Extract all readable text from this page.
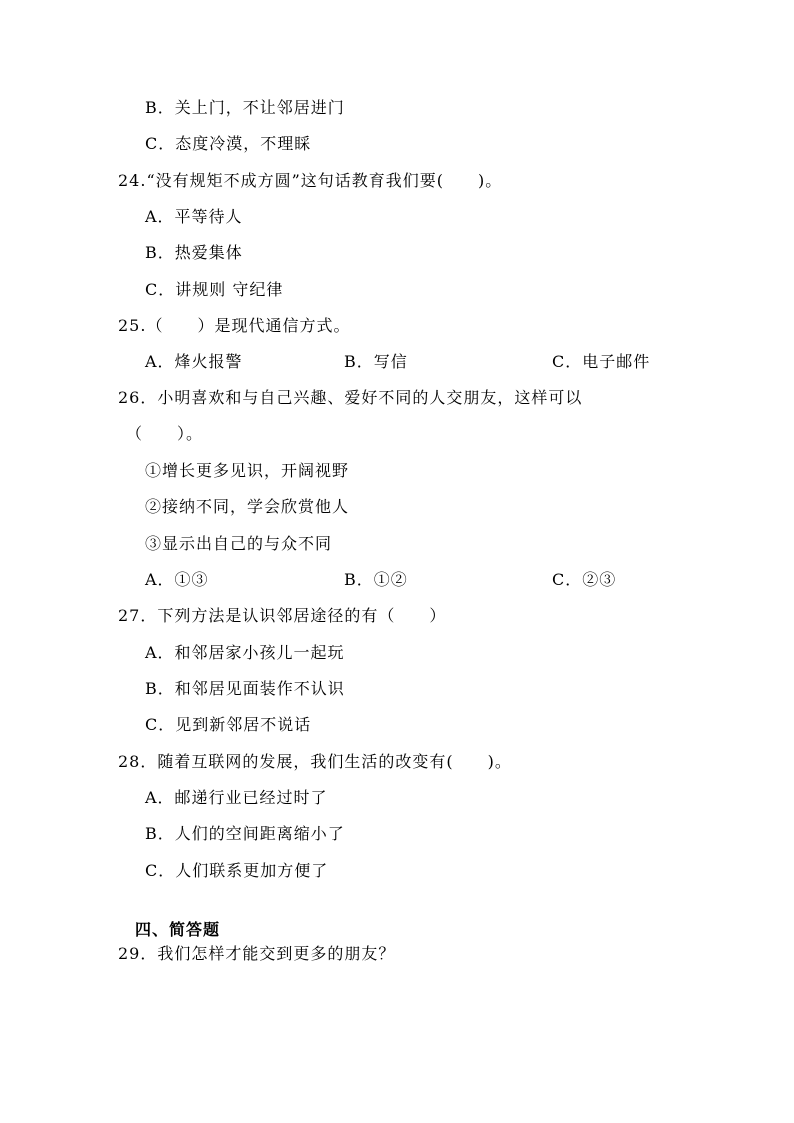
B．关上门，不让邻居进门
C．态度冷漠，不理睬
24.“没有规矩不成方圆”这句话教育我们要(　　)。
A．平等待人
B．热爱集体
C．讲规则 守纪律
25.（　　）是现代通信方式。
A．烽火报警	B．写信	C．电子邮件
26．小明喜欢和与自己兴趣、爱好不同的人交朋友，这样可以
（　　）。
①增长更多见识，开阔视野
②接纳不同，学会欣赏他人
③显示出自己的与众不同
A．①③	B．①②	C．②③
27．下列方法是认识邻居途径的有（　　）
A．和邻居家小孩儿一起玩
B．和邻居见面装作不认识
C．见到新邻居不说话
28．随着互联网的发展，我们生活的改变有(　　)。
A．邮递行业已经过时了
B．人们的空间距离缩小了
C．人们联系更加方便了
四、简答题
29．我们怎样才能交到更多的朋友？
